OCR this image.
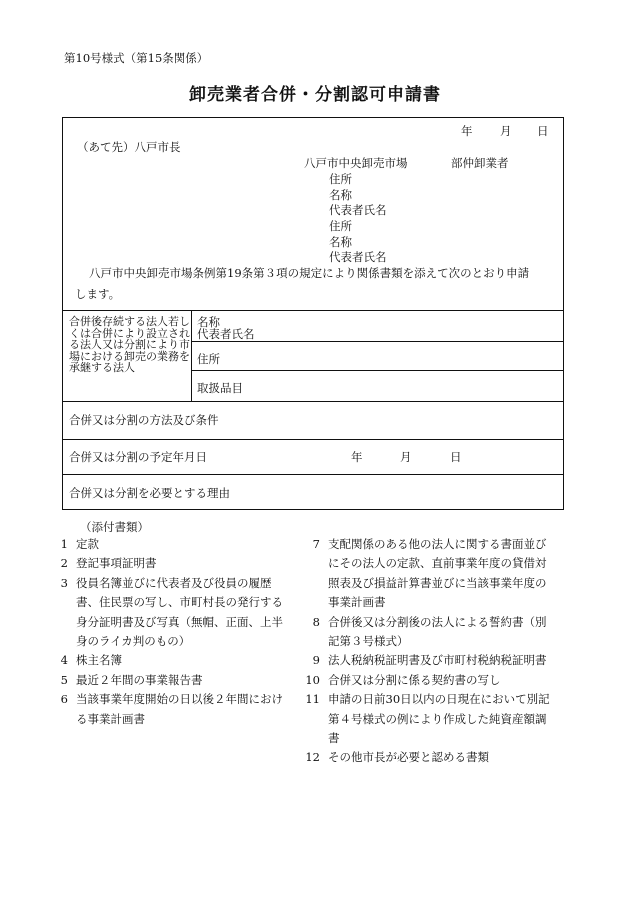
第10号様式（第15条関係）
卸売業者合併・分割認可申請書
年 月 日
（あて先）八戸市長
八戸市中央卸売市場	部仲卸業者
住所
名称
代表者氏名
住所
名称
代表者氏名
八戸市中央卸売市場条例第19条第３項の規定により関係書類を添えて次のとおり申請
します。
合併後存続する法人若しくは合併により設立される法人又は分割により市場における卸売の業務を承継する法人
名称
代表者氏名
住所
取扱品目
合併又は分割の方法及び条件
合併又は分割の予定年月日	年	月	日
合併又は分割を必要とする理由
（添付書類）
1 定款
2 登記事項証明書
3 役員名簿並びに代表者及び役員の履歴
書、住民票の写し、市町村長の発行する
身分証明書及び写真（無帽、正面、上半
身のライカ判のもの）
4 株主名簿
5 最近２年間の事業報告書
6 当該事業年度開始の日以後２年間におけ
る事業計画書
7 支配関係のある他の法人に関する書面並び
にその法人の定款、直前事業年度の貸借対
照表及び損益計算書並びに当該事業年度の
事業計画書
8 合併後又は分割後の法人による誓約書（別
記第３号様式）
9 法人税納税証明書及び市町村税納税証明書
10 合併又は分割に係る契約書の写し
11 申請の日前30日以内の日現在において別記
第４号様式の例により作成した純資産額調
書
12 その他市長が必要と認める書類
